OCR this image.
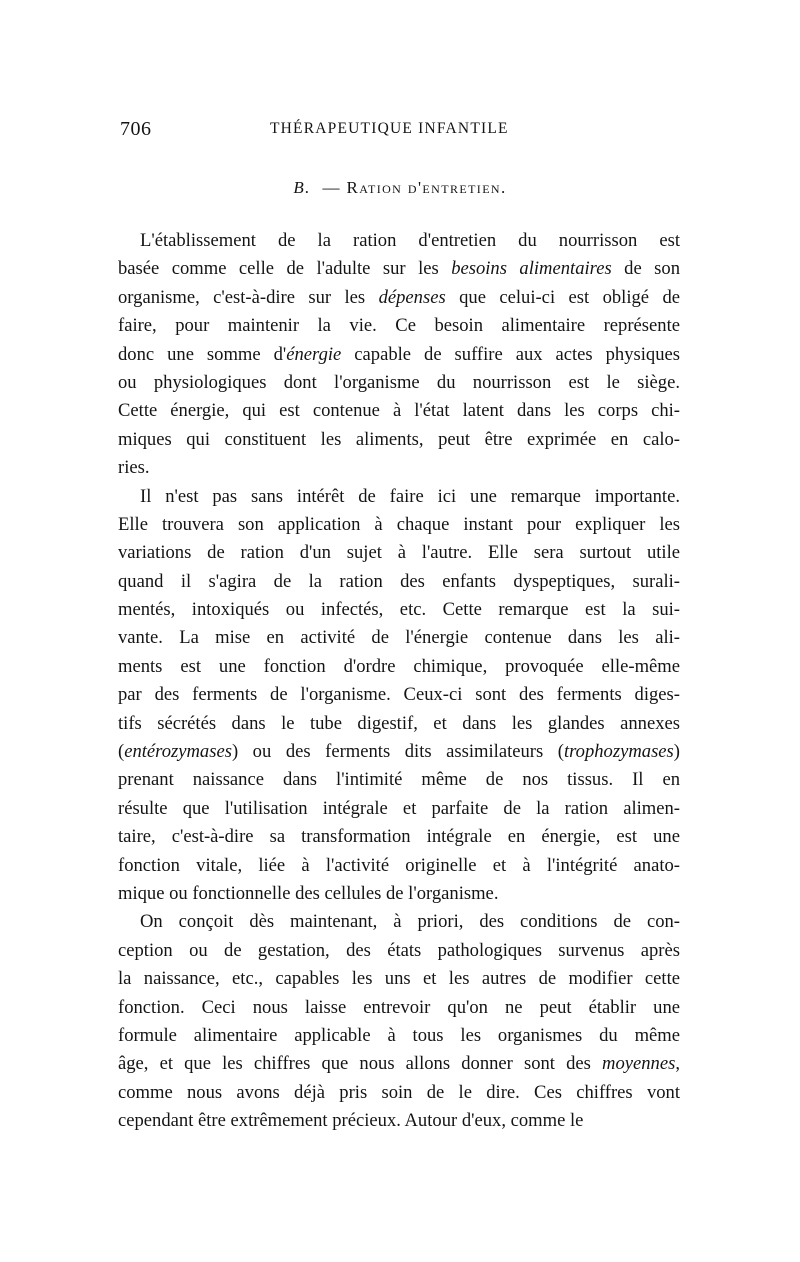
706	THÉRAPEUTIQUE INFANTILE
B. — Ration d'entretien.
L'établissement de la ration d'entretien du nourrisson est
basée comme celle de l'adulte sur les besoins alimentaires de son
organisme, c'est-à-dire sur les dépenses que celui-ci est obligé de
faire, pour maintenir la vie. Ce besoin alimentaire représente
donc une somme d'énergie capable de suffire aux actes physiques
ou physiologiques dont l'organisme du nourrisson est le siège.
Cette énergie, qui est contenue à l'état latent dans les corps chi-
miques qui constituent les aliments, peut être exprimée en calo-
ries.
Il n'est pas sans intérêt de faire ici une remarque importante.
Elle trouvera son application à chaque instant pour expliquer les
variations de ration d'un sujet à l'autre. Elle sera surtout utile
quand il s'agira de la ration des enfants dyspeptiques, surali-
mentés, intoxiqués ou infectés, etc. Cette remarque est la sui-
vante. La mise en activité de l'énergie contenue dans les ali-
ments est une fonction d'ordre chimique, provoquée elle-même
par des ferments de l'organisme. Ceux-ci sont des ferments diges-
tifs sécrétés dans le tube digestif, et dans les glandes annexes
(entérozymases) ou des ferments dits assimilateurs (trophozymases)
prenant naissance dans l'intimité même de nos tissus. Il en
résulte que l'utilisation intégrale et parfaite de la ration alimen-
taire, c'est-à-dire sa transformation intégrale en énergie, est une
fonction vitale, liée à l'activité originelle et à l'intégrité anato-
mique ou fonctionnelle des cellules de l'organisme.
On conçoit dès maintenant, à priori, des conditions de con-
ception ou de gestation, des états pathologiques survenus après
la naissance, etc., capables les uns et les autres de modifier cette
fonction. Ceci nous laisse entrevoir qu'on ne peut établir une
formule alimentaire applicable à tous les organismes du même
âge, et que les chiffres que nous allons donner sont des moyennes,
comme nous avons déjà pris soin de le dire. Ces chiffres vont
cependant être extrêmement précieux. Autour d'eux, comme le
